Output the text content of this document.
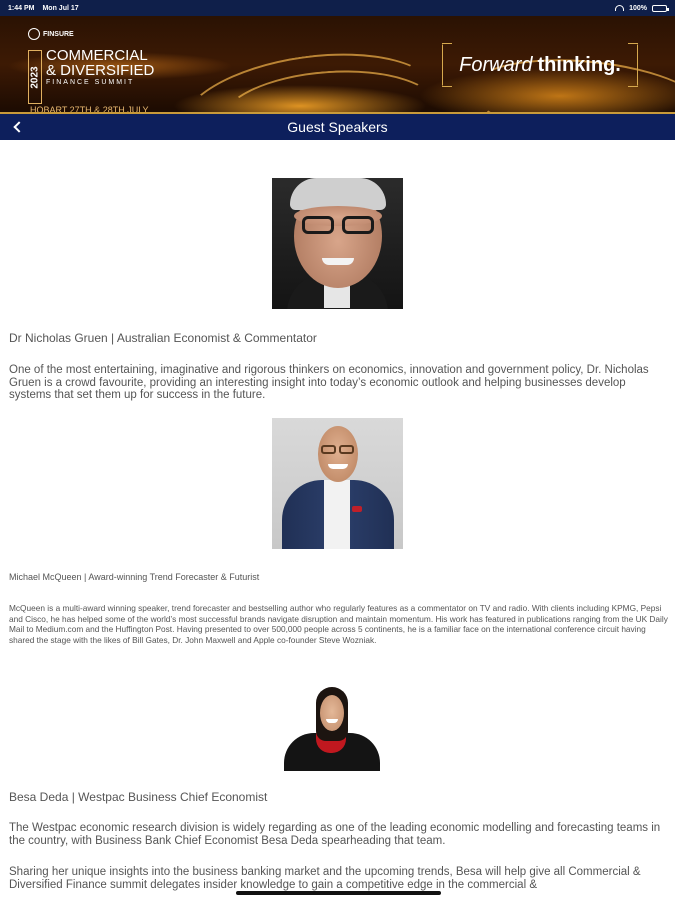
1:44 PM Mon Jul 17	100%
FINSURE
2023
COMMERCIAL
& DIVERSIFIED
FINANCE SUMMIT
HOBART 27TH & 28TH JULY
Forward thinking.
Guest Speakers
Dr Nicholas Gruen | Australian Economist & Commentator
One of the most entertaining, imaginative and rigorous thinkers on economics, innovation and government policy, Dr. Nicholas Gruen is a crowd favourite, providing an interesting insight into today’s economic outlook and helping businesses develop systems that set them up for success in the future.
Michael McQueen | Award-winning Trend Forecaster & Futurist
McQueen is a multi-award winning speaker, trend forecaster and bestselling author who regularly features as a commentator on TV and radio. With clients including KPMG, Pepsi and Cisco, he has helped some of the world’s most successful brands navigate disruption and maintain momentum. His work has featured in publications ranging from the UK Daily Mail to Medium.com and the Huffington Post. Having presented to over 500,000 people across 5 continents, he is a familiar face on the international conference circuit having shared the stage with the likes of Bill Gates, Dr. John Maxwell and Apple co-founder Steve Wozniak.
Besa Deda | Westpac Business Chief Economist
The Westpac economic research division is widely regarding as one of the leading economic modelling and forecasting teams in the country, with Business Bank Chief Economist Besa Deda spearheading that team.
Sharing her unique insights into the business banking market and the upcoming trends, Besa will help give all Commercial & Diversified Finance summit delegates insider knowledge to gain a competitive edge in the commercial &
